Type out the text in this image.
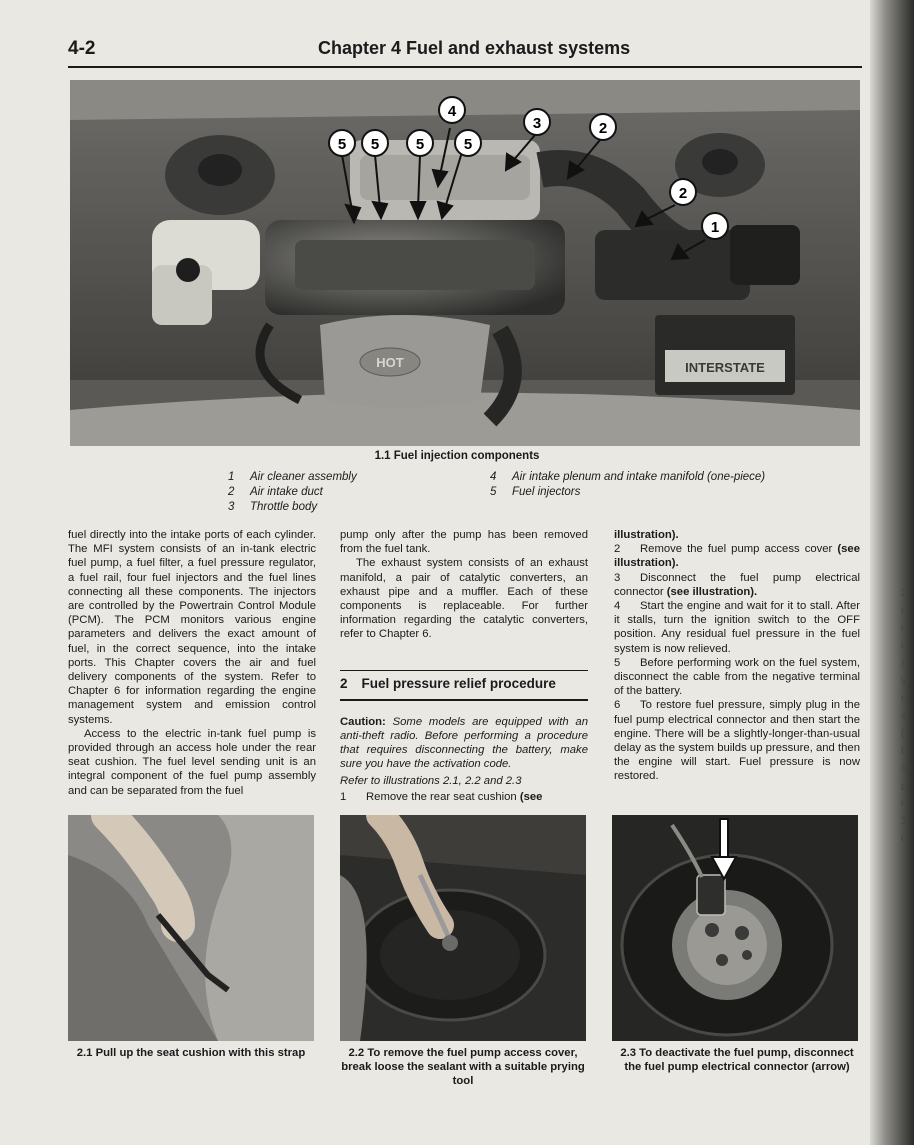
2
r
i
l
s
v
c
s
(
t
a
p
i
3
c
4-2	Chapter 4 Fuel and exhaust systems
HOT	INTERSTATE
5 5 5	5
4
3	2
2
1
1.1 Fuel injection components
1 Air cleaner assembly
2 Air intake duct
3 Throttle body
4 Air intake plenum and intake manifold (one-piece)
5 Fuel injectors

fuel directly into the intake ports of each cylinder. The MFI system consists of an in-tank electric fuel pump, a fuel filter, a fuel pressure regulator, a fuel rail, four fuel injectors and the fuel lines connecting all these components. The injectors are controlled by the Powertrain Control Module (PCM). The PCM monitors various engine parameters and delivers the exact amount of fuel, in the correct sequence, into the intake ports. This Chapter covers the air and fuel delivery components of the system. Refer to Chapter 6 for information regarding the engine management system and emission control systems.

Access to the electric in-tank fuel pump is provided through an access hole under the rear seat cushion. The fuel level sending unit is an integral component of the fuel pump assembly and can be separated from the fuel

pump only after the pump has been removed from the fuel tank.

The exhaust system consists of an exhaust manifold, a pair of catalytic converters, an exhaust pipe and a muffler. Each of these components is replaceable. For further information regarding the catalytic converters, refer to Chapter 6.

2 Fuel pressure relief procedure

Caution: Some models are equipped with an anti-theft radio. Before performing a procedure that requires disconnecting the battery, make sure you have the activation code.

Refer to illustrations 2.1, 2.2 and 2.3

1 Remove the rear seat cushion (see

illustration).

2 Remove the fuel pump access cover (see illustration).

3 Disconnect the fuel pump electrical connector (see illustration).

4 Start the engine and wait for it to stall. After it stalls, turn the ignition switch to the OFF position. Any residual fuel pressure in the fuel system is now relieved.

5 Before performing work on the fuel system, disconnect the cable from the negative terminal of the battery.

6 To restore fuel pressure, simply plug in the fuel pump electrical connector and then start the engine. There will be a slightly-longer-than-usual delay as the system builds up pressure, and then the engine will start. Fuel pressure is now restored.

2.1 Pull up the seat cushion with this strap	2.2 To remove the fuel pump access cover, break loose the sealant with a suitable prying tool
2.3 To deactivate the fuel pump, disconnect the fuel pump electrical connector (arrow)
